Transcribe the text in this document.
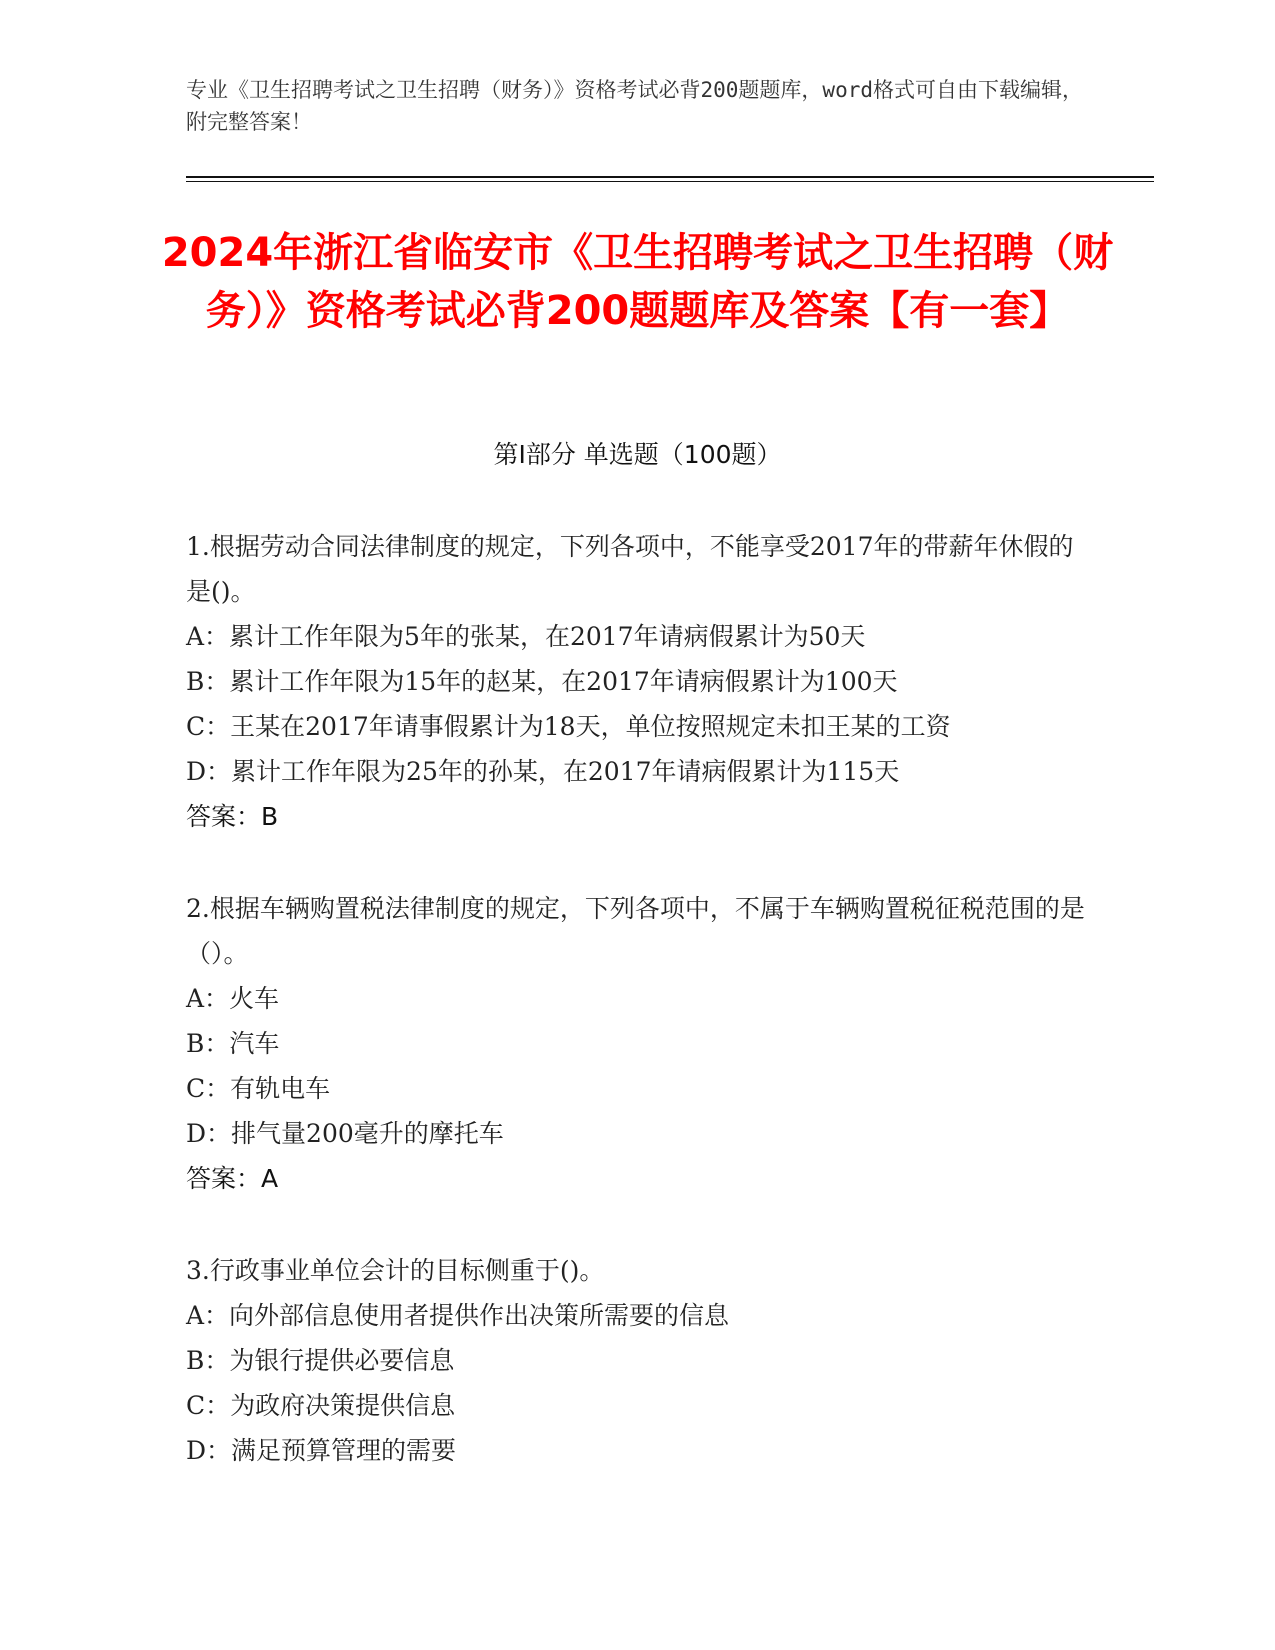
专业《卫生招聘考试之卫生招聘（财务）》资格考试必背200题题库，word格式可自由下载编辑，附完整答案！
2024年浙江省临安市《卫生招聘考试之卫生招聘（财务）》资格考试必背200题题库及答案【有一套】
第I部分 单选题（100题）
1.根据劳动合同法律制度的规定，下列各项中，不能享受2017年的带薪年休假的是()。
A：累计工作年限为5年的张某，在2017年请病假累计为50天
B：累计工作年限为15年的赵某，在2017年请病假累计为100天
C：王某在2017年请事假累计为18天，单位按照规定未扣王某的工资
D：累计工作年限为25年的孙某，在2017年请病假累计为115天
答案：B
2.根据车辆购置税法律制度的规定，下列各项中，不属于车辆购置税征税范围的是（）。
A：火车
B：汽车
C：有轨电车
D：排气量200毫升的摩托车
答案：A
3.行政事业单位会计的目标侧重于()。
A：向外部信息使用者提供作出决策所需要的信息
B：为银行提供必要信息
C：为政府决策提供信息
D：满足预算管理的需要
